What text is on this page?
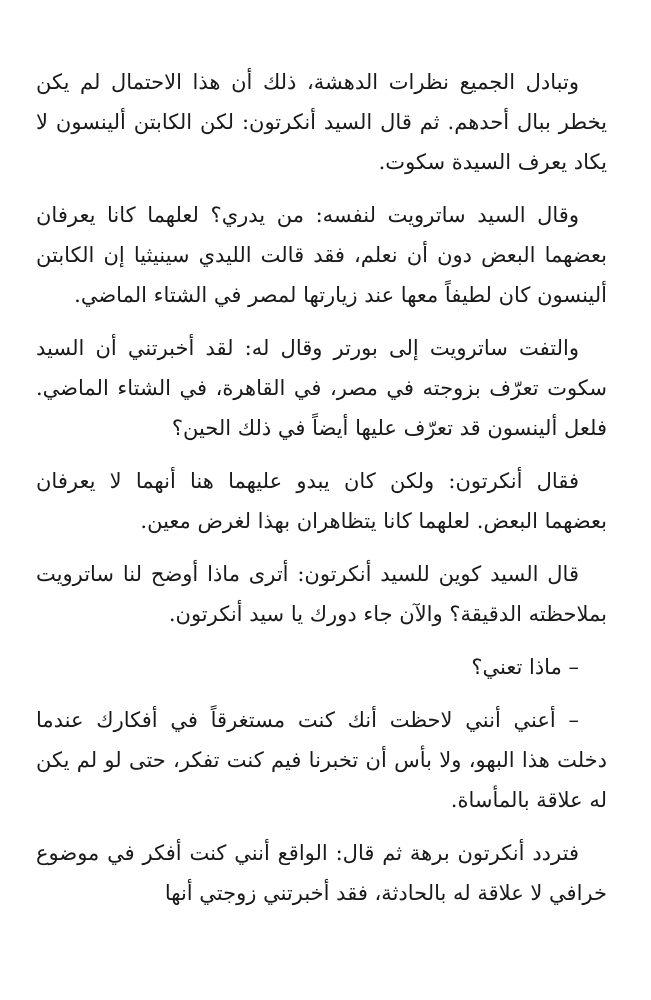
وتبادل الجميع نظرات الدهشة، ذلك أن هذا الاحتمال لم يكن يخطر ببال أحدهم. ثم قال السيد أنكرتون: لكن الكابتن ألينسون لا يكاد يعرف السيدة سكوت.

وقال السيد ساترويت لنفسه: من يدري؟ لعلهما كانا يعرفان بعضهما البعض دون أن نعلم، فقد قالت الليدي سينيثيا إن الكابتن ألينسون كان لطيفاً معها عند زيارتها لمصر في الشتاء الماضي.

والتفت ساترويت إلى بورتر وقال له: لقد أخبرتني أن السيد سكوت تعرّف بزوجته في مصر، في القاهرة، في الشتاء الماضي. فلعل ألينسون قد تعرّف عليها أيضاً في ذلك الحين؟

فقال أنكرتون: ولكن كان يبدو عليهما هنا أنهما لا يعرفان بعضهما البعض. لعلهما كانا يتظاهران بهذا لغرض معين.

قال السيد كوين للسيد أنكرتون: أترى ماذا أوضح لنا ساترويت بملاحظته الدقيقة؟ والآن جاء دورك يا سيد أنكرتون.

– ماذا تعني؟

– أعني أنني لاحظت أنك كنت مستغرقاً في أفكارك عندما دخلت هذا البهو، ولا بأس أن تخبرنا فيم كنت تفكر، حتى لو لم يكن له علاقة بالمأساة.

فتردد أنكرتون برهة ثم قال: الواقع أنني كنت أفكر في موضوع خرافي لا علاقة له بالحادثة، فقد أخبرتني زوجتي أنها
